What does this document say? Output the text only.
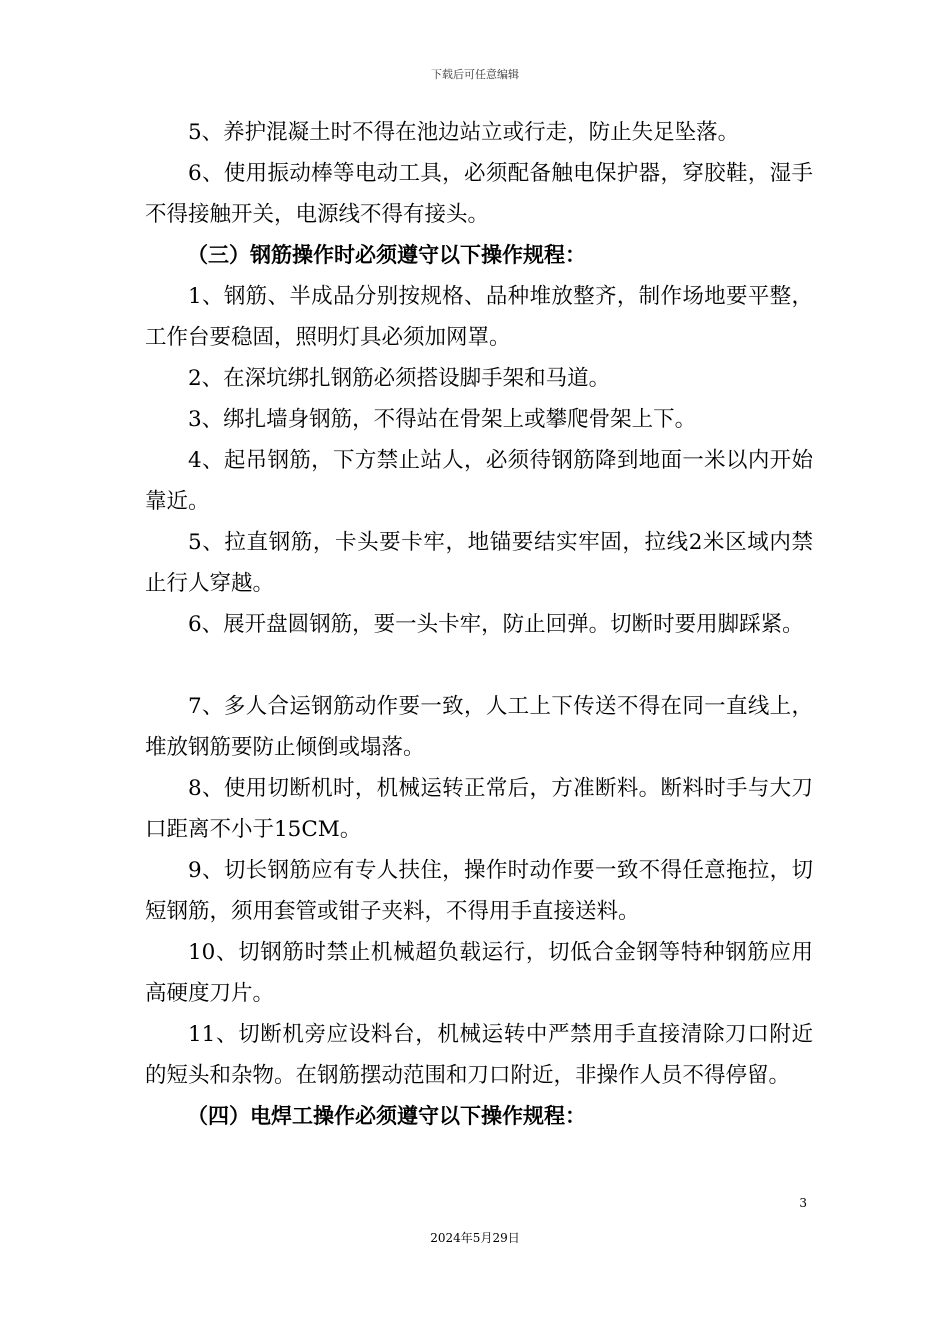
下载后可任意编辑

5、养护混凝土时不得在池边站立或行走，防止失足坠落。

6、使用振动棒等电动工具，必须配备触电保护器，穿胶鞋，湿手不得接触开关，电源线不得有接头。

（三）钢筋操作时必须遵守以下操作规程：

1、钢筋、半成品分别按规格、品种堆放整齐，制作场地要平整，工作台要稳固，照明灯具必须加网罩。

2、在深坑绑扎钢筋必须搭设脚手架和马道。

3、绑扎墙身钢筋，不得站在骨架上或攀爬骨架上下。

4、起吊钢筋，下方禁止站人，必须待钢筋降到地面一米以内开始靠近。

5、拉直钢筋，卡头要卡牢，地锚要结实牢固，拉线2米区域内禁止行人穿越。

6、展开盘圆钢筋，要一头卡牢，防止回弹。切断时要用脚踩紧。

7、多人合运钢筋动作要一致，人工上下传送不得在同一直线上，堆放钢筋要防止倾倒或塌落。

8、使用切断机时，机械运转正常后，方准断料。断料时手与大刀口距离不小于15CM。

9、切长钢筋应有专人扶住，操作时动作要一致不得任意拖拉，切短钢筋，须用套管或钳子夹料，不得用手直接送料。

10、切钢筋时禁止机械超负载运行，切低合金钢等特种钢筋应用高硬度刀片。

11、切断机旁应设料台，机械运转中严禁用手直接清除刀口附近的短头和杂物。在钢筋摆动范围和刀口附近，非操作人员不得停留。

（四）电焊工操作必须遵守以下操作规程：

3
2024年5月29日
